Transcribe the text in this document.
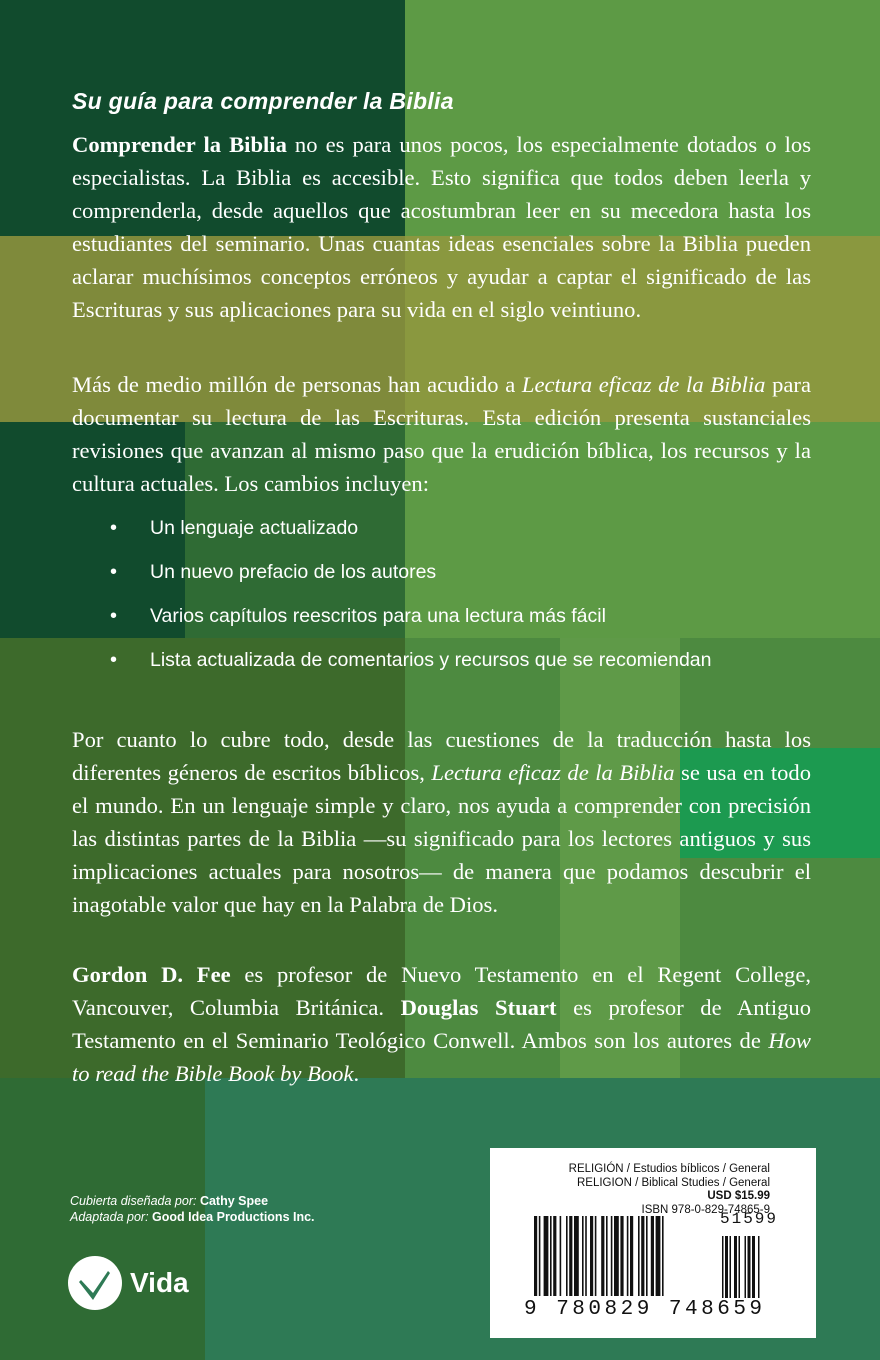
Su guía para comprender la Biblia
Comprender la Biblia no es para unos pocos, los especialmente dotados o los especialistas. La Biblia es accesible. Esto significa que todos deben leerla y comprenderla, desde aquellos que acostumbran leer en su mecedora hasta los estudiantes del seminario. Unas cuantas ideas esenciales sobre la Biblia pueden aclarar muchísimos conceptos erróneos y ayudar a captar el significado de las Escrituras y sus aplicaciones para su vida en el siglo veintiuno.
Más de medio millón de personas han acudido a Lectura eficaz de la Biblia para documentar su lectura de las Escrituras. Esta edición presenta sustanciales revisiones que avanzan al mismo paso que la erudición bíblica, los recursos y la cultura actuales. Los cambios incluyen:
• Un lenguaje actualizado
• Un nuevo prefacio de los autores
• Varios capítulos reescritos para una lectura más fácil
• Lista actualizada de comentarios y recursos que se recomiendan
Por cuanto lo cubre todo, desde las cuestiones de la traducción hasta los diferentes géneros de escritos bíblicos, Lectura eficaz de la Biblia se usa en todo el mundo. En un lenguaje simple y claro, nos ayuda a comprender con precisión las distintas partes de la Biblia —su significado para los lectores antiguos y sus implicaciones actuales para nosotros— de manera que podamos descubrir el inagotable valor que hay en la Palabra de Dios.
Gordon D. Fee es profesor de Nuevo Testamento en el Regent College, Vancouver, Columbia Británica. Douglas Stuart es profesor de Antiguo Testamento en el Seminario Teológico Conwell. Ambos son los autores de How to read the Bible Book by Book.
Cubierta diseñada por: Cathy Spee
Adaptada por: Good Idea Productions Inc.
Vida
RELIGIÓN / Estudios bíblicos / General
RELIGION / Biblical Studies / General
USD $15.99
ISBN 978-0-829-74865-9
51599
9 780829 748659
